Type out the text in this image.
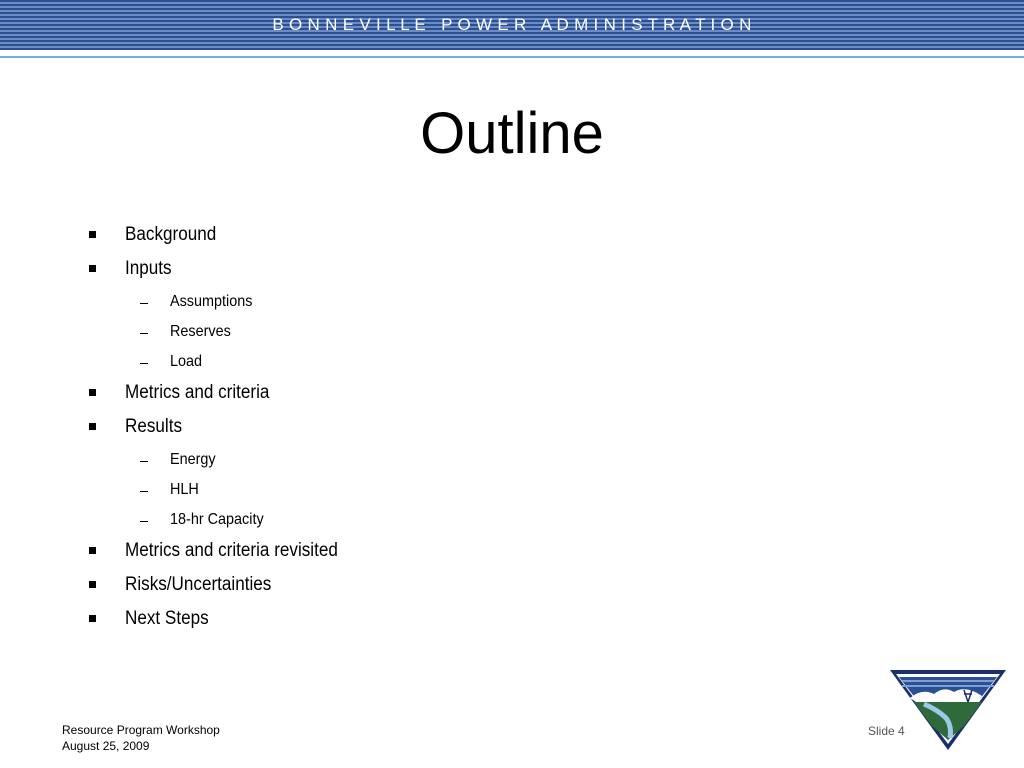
B O N N E V I L L E   P O W E R   A D M I N I S T R A T I O N
Outline
Background
Inputs
Assumptions
Reserves
Load
Metrics and criteria
Results
Energy
HLH
18-hr Capacity
Metrics and criteria revisited
Risks/Uncertainties
Next Steps
Resource Program Workshop
August 25, 2009
Slide 4
